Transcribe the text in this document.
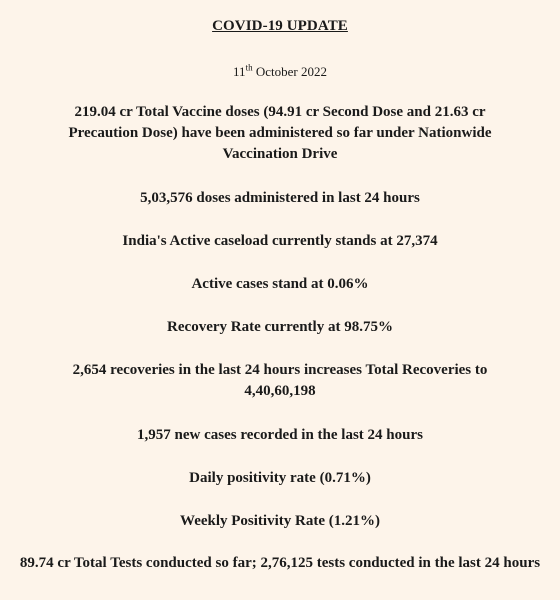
COVID-19 UPDATE
11th October 2022
219.04 cr Total Vaccine doses (94.91 cr Second Dose and 21.63 cr Precaution Dose) have been administered so far under Nationwide Vaccination Drive
5,03,576 doses administered in last 24 hours
India's Active caseload currently stands at 27,374
Active cases stand at 0.06%
Recovery Rate currently at 98.75%
2,654 recoveries in the last 24 hours increases Total Recoveries to 4,40,60,198
1,957 new cases recorded in the last 24 hours
Daily positivity rate (0.71%)
Weekly Positivity Rate (1.21%)
89.74 cr Total Tests conducted so far; 2,76,125 tests conducted in the last 24 hours
